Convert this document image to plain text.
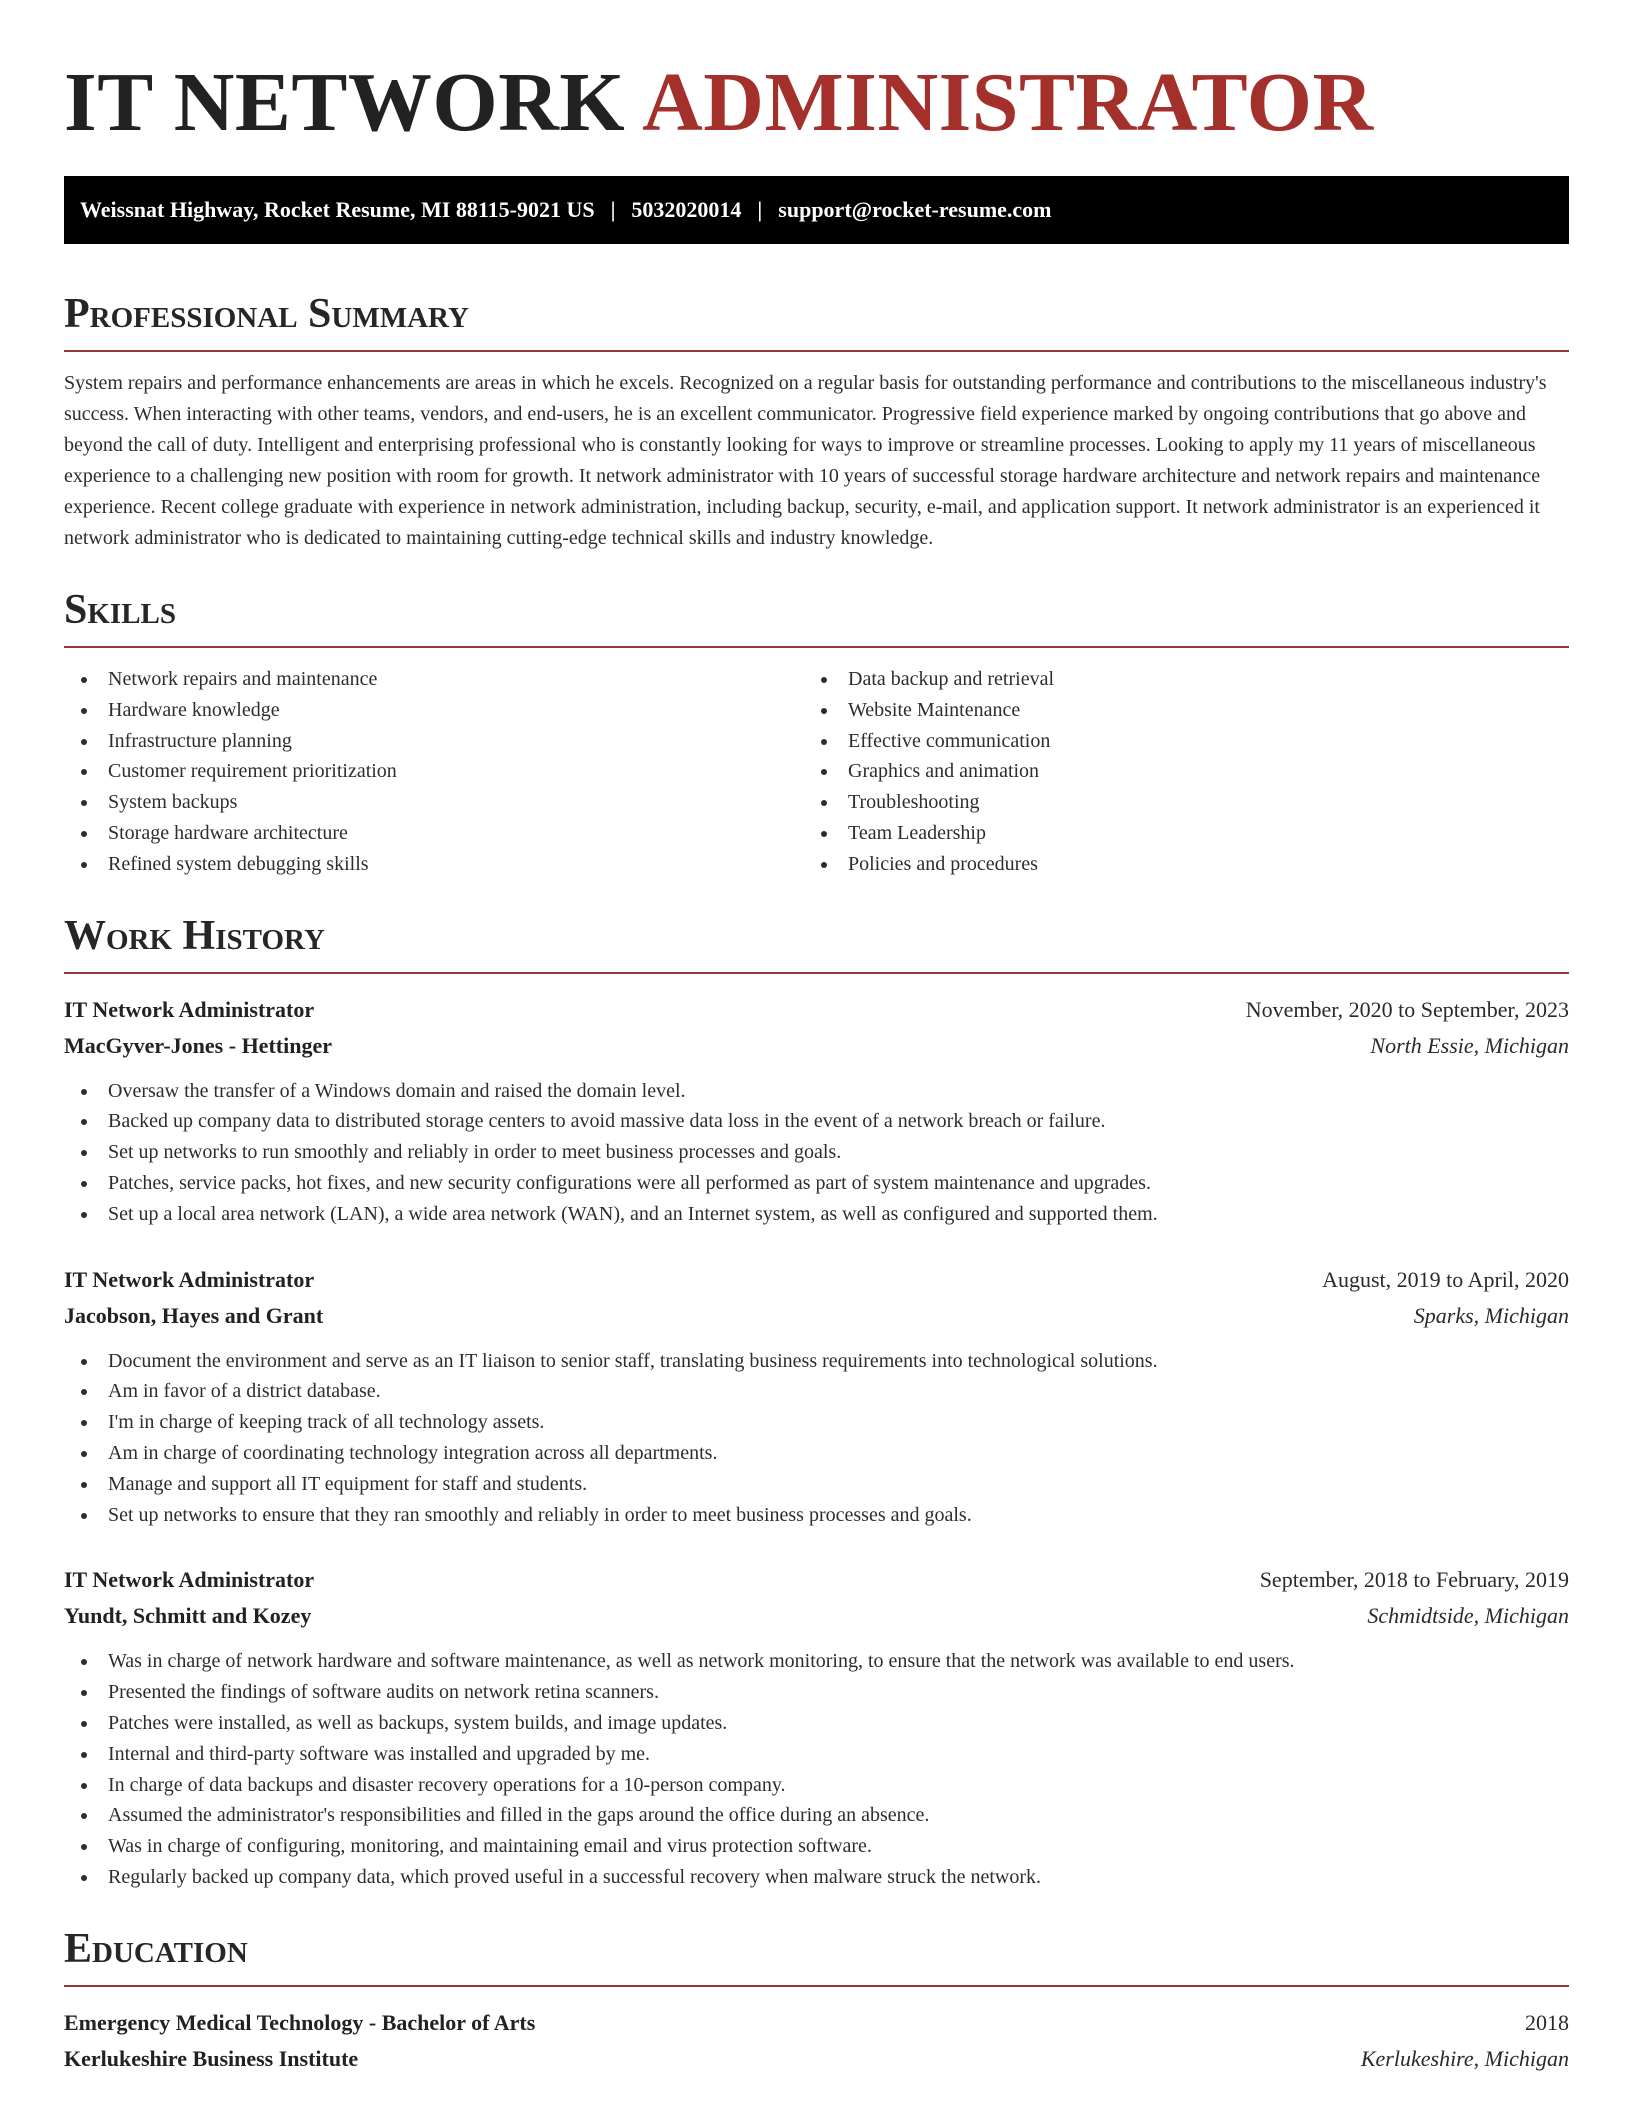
IT NETWORK ADMINISTRATOR
Weissnat Highway, Rocket Resume, MI 88115-9021 US | 5032020014 | support@rocket-resume.com
Professional Summary

System repairs and performance enhancements are areas in which he excels. Recognized on a regular basis for outstanding performance and contributions to the miscellaneous industry's success. When interacting with other teams, vendors, and end-users, he is an excellent communicator. Progressive field experience marked by ongoing contributions that go above and beyond the call of duty. Intelligent and enterprising professional who is constantly looking for ways to improve or streamline processes. Looking to apply my 11 years of miscellaneous experience to a challenging new position with room for growth. It network administrator with 10 years of successful storage hardware architecture and network repairs and maintenance experience. Recent college graduate with experience in network administration, including backup, security, e-mail, and application support. It network administrator is an experienced it network administrator who is dedicated to maintaining cutting-edge technical skills and industry knowledge.

Skills
Network repairs and maintenance
Hardware knowledge
Infrastructure planning
Customer requirement prioritization
System backups
Storage hardware architecture
Refined system debugging skills
Data backup and retrieval
Website Maintenance
Effective communication
Graphics and animation
Troubleshooting
Team Leadership
Policies and procedures
Work History
IT Network Administrator	November, 2020 to September, 2023
MacGyver-Jones - Hettinger	North Essie, Michigan
Oversaw the transfer of a Windows domain and raised the domain level.
Backed up company data to distributed storage centers to avoid massive data loss in the event of a network breach or failure.
Set up networks to run smoothly and reliably in order to meet business processes and goals.
Patches, service packs, hot fixes, and new security configurations were all performed as part of system maintenance and upgrades.
Set up a local area network (LAN), a wide area network (WAN), and an Internet system, as well as configured and supported them.
IT Network Administrator	August, 2019 to April, 2020
Jacobson, Hayes and Grant	Sparks, Michigan
Document the environment and serve as an IT liaison to senior staff, translating business requirements into technological solutions.
Am in favor of a district database.
I'm in charge of keeping track of all technology assets.
Am in charge of coordinating technology integration across all departments.
Manage and support all IT equipment for staff and students.
Set up networks to ensure that they ran smoothly and reliably in order to meet business processes and goals.
IT Network Administrator	September, 2018 to February, 2019
Yundt, Schmitt and Kozey	Schmidtside, Michigan
Was in charge of network hardware and software maintenance, as well as network monitoring, to ensure that the network was available to end users.
Presented the findings of software audits on network retina scanners.
Patches were installed, as well as backups, system builds, and image updates.
Internal and third-party software was installed and upgraded by me.
In charge of data backups and disaster recovery operations for a 10-person company.
Assumed the administrator's responsibilities and filled in the gaps around the office during an absence.
Was in charge of configuring, monitoring, and maintaining email and virus protection software.
Regularly backed up company data, which proved useful in a successful recovery when malware struck the network.
Education
Emergency Medical Technology - Bachelor of Arts	2018
Kerlukeshire Business Institute	Kerlukeshire, Michigan
